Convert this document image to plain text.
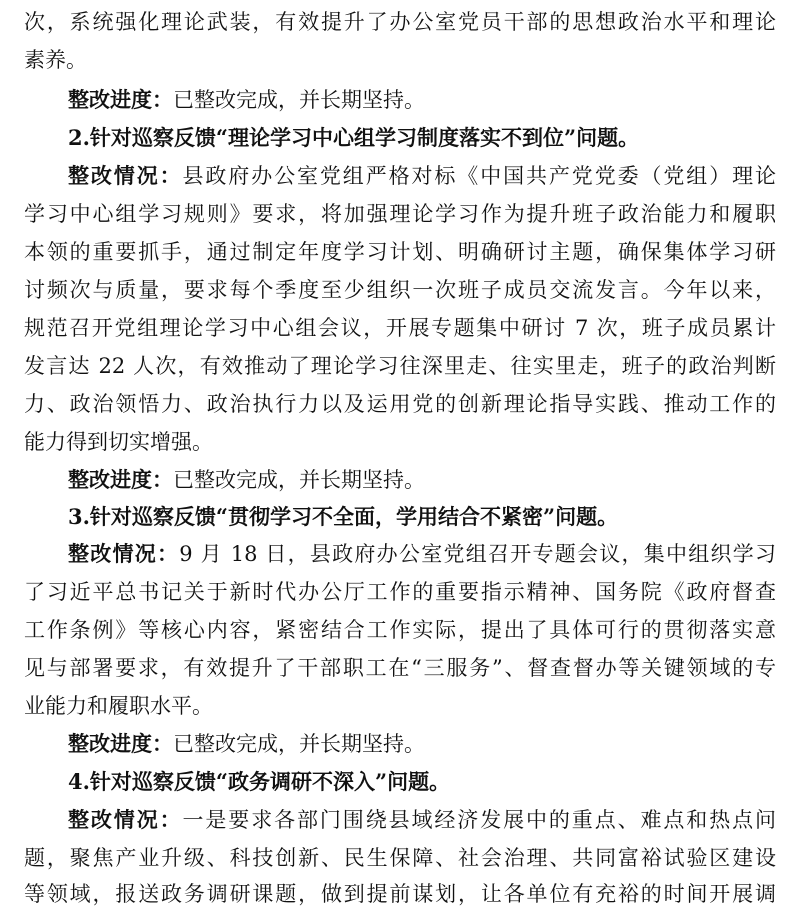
次，系统强化理论武装，有效提升了办公室党员干部的思想政治水平和理论
素养。
整改进度：已整改完成，并长期坚持。
2.针对巡察反馈“理论学习中心组学习制度落实不到位”问题。
整改情况：县政府办公室党组严格对标《中国共产党党委（党组）理论
学习中心组学习规则》要求，将加强理论学习作为提升班子政治能力和履职
本领的重要抓手，通过制定年度学习计划、明确研讨主题，确保集体学习研
讨频次与质量，要求每个季度至少组织一次班子成员交流发言。今年以来，
规范召开党组理论学习中心组会议，开展专题集中研讨 7 次，班子成员累计
发言达 22 人次，有效推动了理论学习往深里走、往实里走，班子的政治判断
力、政治领悟力、政治执行力以及运用党的创新理论指导实践、推动工作的
能力得到切实增强。
整改进度：已整改完成，并长期坚持。
3.针对巡察反馈“贯彻学习不全面，学用结合不紧密”问题。
整改情况：9 月 18 日，县政府办公室党组召开专题会议，集中组织学习
了习近平总书记关于新时代办公厅工作的重要指示精神、国务院《政府督查
工作条例》等核心内容，紧密结合工作实际，提出了具体可行的贯彻落实意
见与部署要求，有效提升了干部职工在“三服务”、督查督办等关键领域的专
业能力和履职水平。
整改进度：已整改完成，并长期坚持。
4.针对巡察反馈“政务调研不深入”问题。
整改情况：一是要求各部门围绕县域经济发展中的重点、难点和热点问
题，聚焦产业升级、科技创新、民生保障、社会治理、共同富裕试验区建设
等领域，报送政务调研课题，做到提前谋划，让各单位有充裕的时间开展调
